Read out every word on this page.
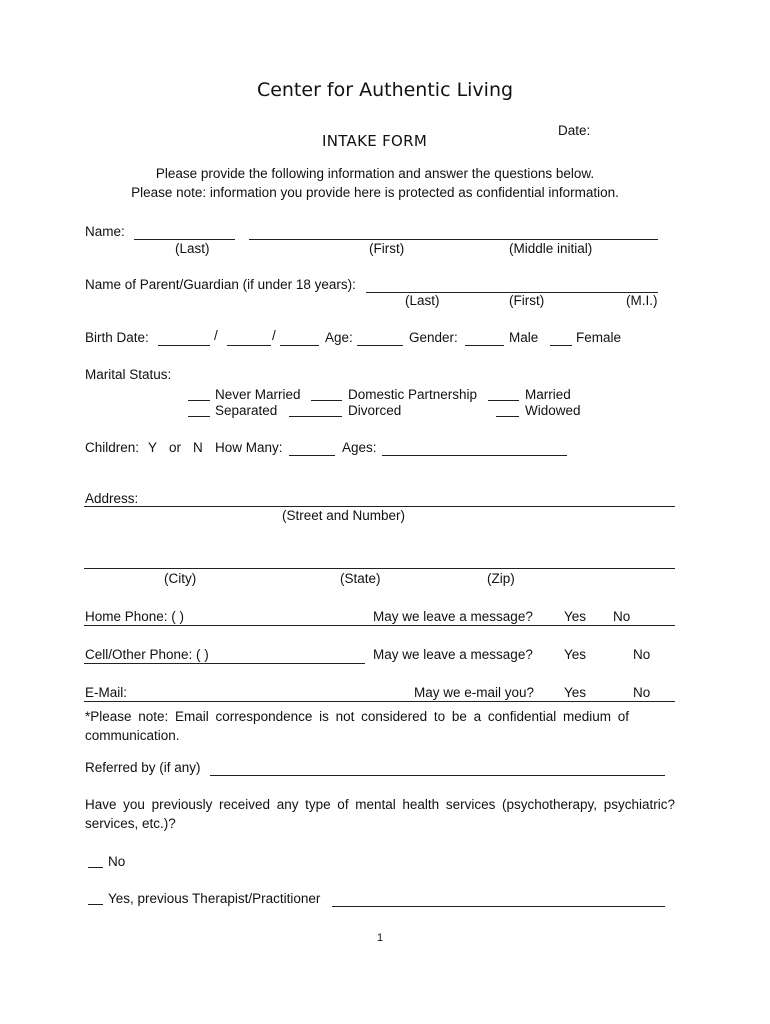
Center for Authentic Living
Date:
INTAKE FORM
Please provide the following information and answer the questions below.
Please note: information you provide here is protected as confidential information.
Name:
(Last)	(First)	(Middle initial)
Name of Parent/Guardian (if under 18 years):
(Last)	(First)	(M.I.)
Birth Date:	/	/	Age:	Gender:	Male	Female
Marital Status:
Never Married	Domestic Partnership	Married
Separated	Divorced	Widowed
Children: Y or N How Many:	Ages:
Address:
(Street and Number)
(City)	(State)	(Zip)
Home Phone: ( )	May we leave a message? Yes No
Cell/Other Phone: ( )	May we leave a message? Yes	No
E-Mail:	May we e-mail you? Yes	No
*Please note: Email correspondence is not considered to be a confidential medium of communication.
Referred by (if any)
Have you previously received any type of mental health services (psychotherapy, psychiatric? services, etc.)?
No
Yes, previous Therapist/Practitioner
1
